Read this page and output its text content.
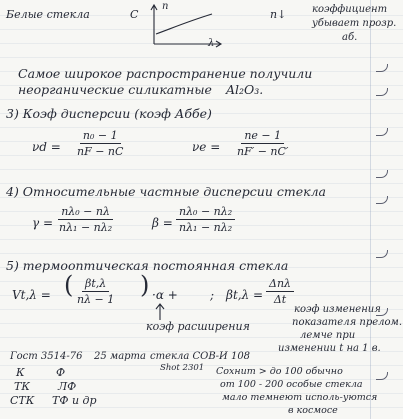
Белые стекла	C
n
λ
n↓	коэффициент
убывает прозр.
аб.
Самое широкое распространение получили
неорганические силикатные Al₂O₃.
3) Коэф дисперсии (коэф Аббе)
$\nu d = \frac{\text{n₀ − 1}}{nF - nC}$	$\nu e = \frac{ne - 1}{nF' - nC'}$
4) Относительные частные дисперсии стекла
$\gamma = \frac{\text{nλ₀ − nλ}}{\text{nλ₁ − nλ₂}}$	$\beta = \frac{\text{nλ₀ − nλ₂}}{\text{nλ₁ − nλ₂}}$
5) термооптическая постоянная стекла
Vt,λ = ( $\frac{\beta t,\lambda}{n\lambda - 1}$ ) ·α +	; βt,λ =
Δnλ
Δt
коэф расширения
коэф изменения
показателя прелом.
лемче при
изменении t на 1 в.
Гост 3514-76 25 марта стекла СОВ-И 108
Shot 2301
К
ТК
СТК
Ф
ЛФ
ТФ и др
Сохнит > до 100 обычно
от 100 - 200 особые стекла
мало темнеют исполь-уются
в космосе
